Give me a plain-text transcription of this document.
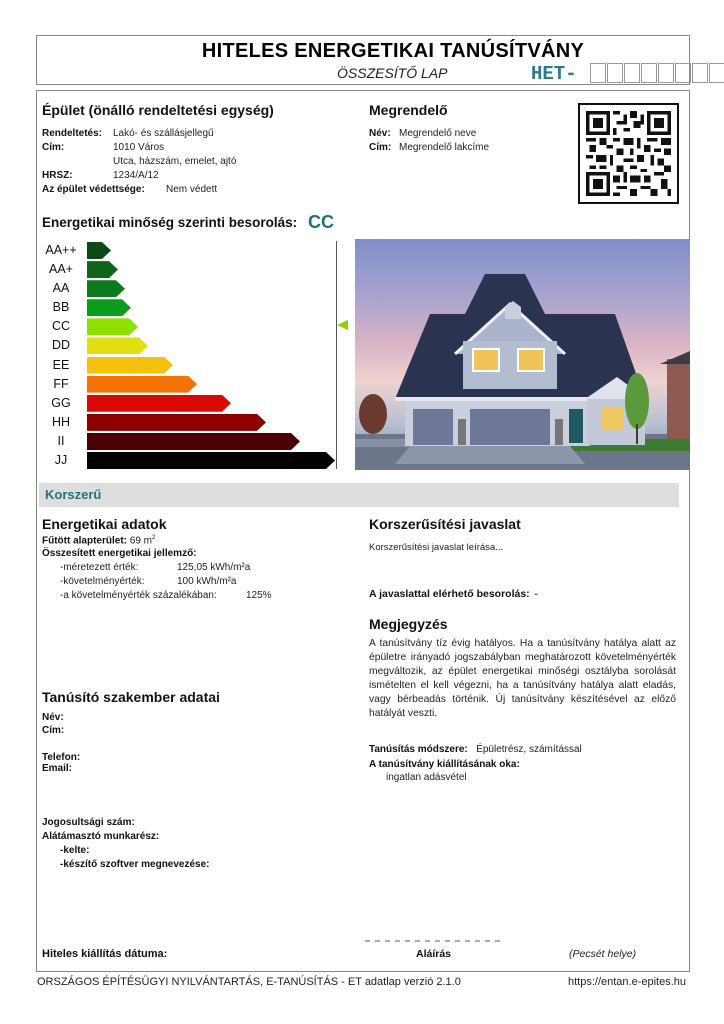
HITELES ENERGETIKAI TANÚSÍTVÁNY
ÖSSZESÍTŐ LAP	HET-
Épület (önálló rendeltetési egység)
Rendeltetés: Lakó- és szállásjellegű
Cím:	1010 Város
Utca, házszám, emelet, ajtó
HRSZ:	1234/A/12
Az épület védettsége: Nem védett
Megrendelő
Név: Megrendelő neve
Cím: Megrendelő lakcíme
Energetikai minőség szerinti besorolás: CC
AA++
AA+
AA
BB
CC
DD
EE
FF
GG
HH
II
JJ
Korszerű
Energetikai adatok
Fűtött alapterület: 69 $m^2$
Összesített energetikai jellemző:
-méretezett érték:	125,05 kWh/m²a
-követelményérték:	100 kWh/m²a
-a követelményérték százalékában:	125%
Korszerűsítési javaslat
Korszerűsítési javaslat leírása...
A javaslattal elérhető besorolás: -
Megjegyzés
A tanúsítvány tíz évig hatályos. Ha a tanúsítvány hatálya alatt az épületre irányadó jogszabályban meghatározott követelményérték megváltozik, az épület energetikai minőségi osztályba sorolását ismételten el kell végezni, ha a tanúsítvány hatálya alatt eladás, vagy bérbeadás történik. Új tanúsítvány készítésével az előző hatályát veszti.
Tanúsítás módszere: Épületrész, számítással
A tanúsítvány kiállításának oka:
ingatlan adásvétel
Tanúsító szakember adatai
Név:
Cím:
Telefon:
Email:
Jogosultsági szám:
Alátámasztó munkarész:
-kelte:
-készítő szoftver megnevezése:
Hiteles kiállítás dátuma:	Aláírás	(Pecsét helye)
ORSZÁGOS ÉPÍTÉSÜGYI NYILVÁNTARTÁS, E-TANÚSÍTÁS - ET adatlap verzió 2.1.0	https://entan.e-epites.hu
